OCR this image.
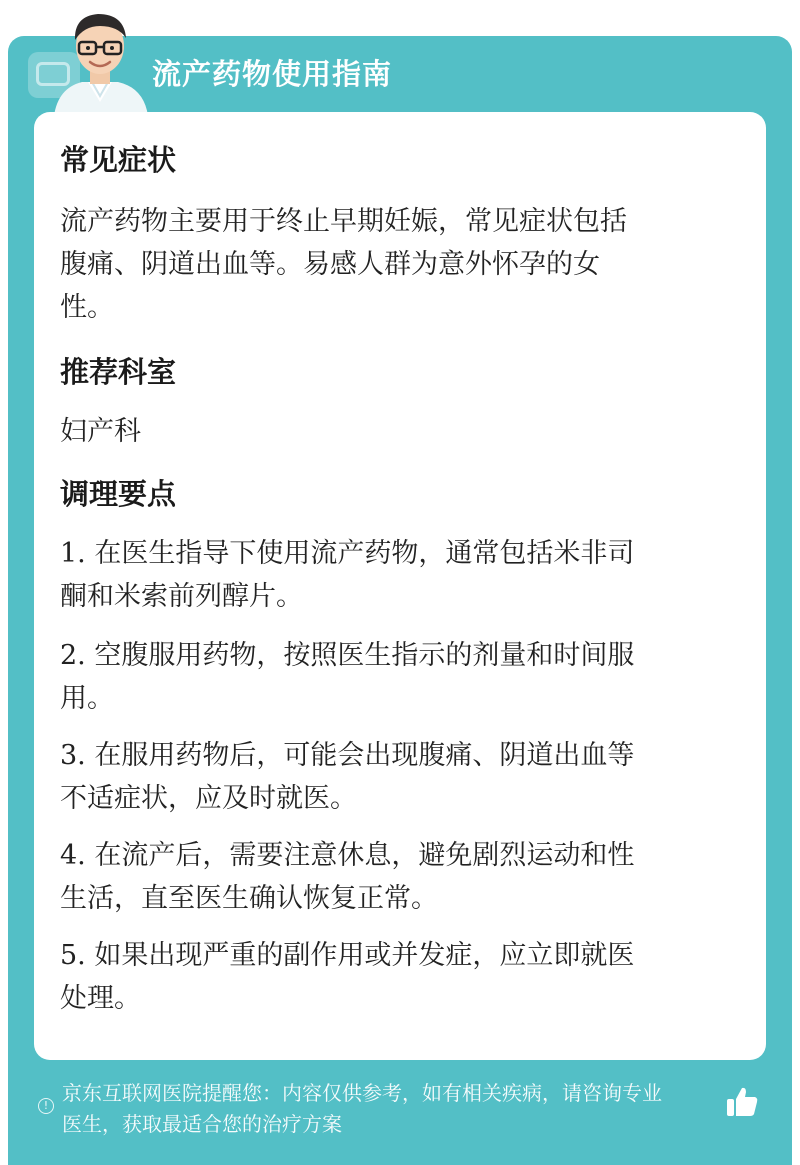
流产药物使用指南
常见症状
流产药物主要用于终止早期妊娠，常见症状包括
腹痛、阴道出血等。易感人群为意外怀孕的女
性。
推荐科室
妇产科
调理要点
1. 在医生指导下使用流产药物，通常包括米非司
酮和米索前列醇片。
2. 空腹服用药物，按照医生指示的剂量和时间服
用。
3. 在服用药物后，可能会出现腹痛、阴道出血等
不适症状，应及时就医。
4. 在流产后，需要注意休息，避免剧烈运动和性
生活，直至医生确认恢复正常。
5. 如果出现严重的副作用或并发症，应立即就医
处理。
!
京东互联网医院提醒您：内容仅供参考，如有相关疾病，请咨询专业
医生，获取最适合您的治疗方案
